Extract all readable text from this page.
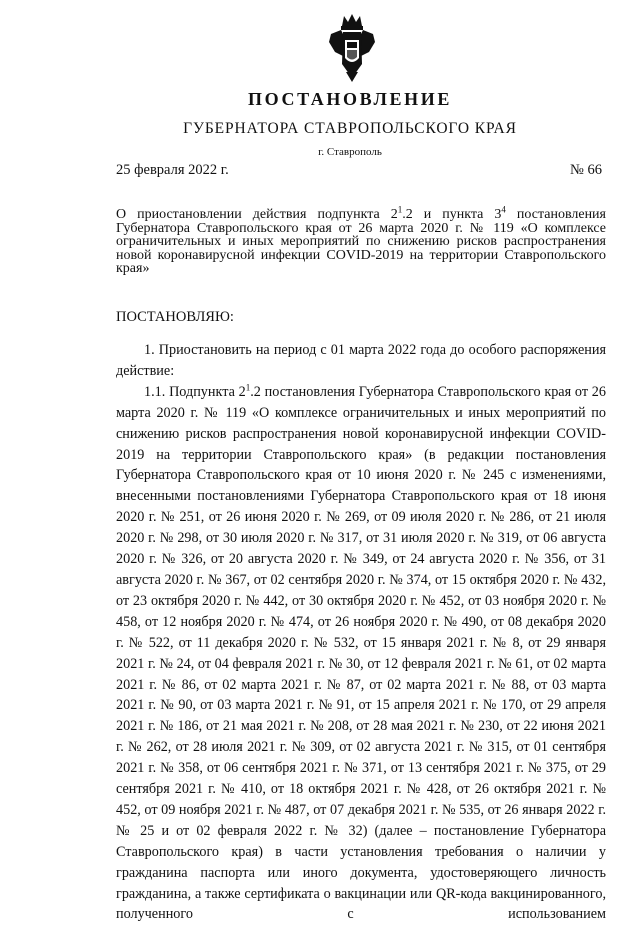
ПОСТАНОВЛЕНИЕ
ГУБЕРНАТОРА СТАВРОПОЛЬСКОГО КРАЯ
г. Ставрополь
25 февраля 2022 г.	№ 66
О приостановлении действия подпункта $2^1.2$ и пункта $3^4$ постановления Губернатора Ставропольского края от 26 марта 2020 г. № 119 «О комплексе ограничительных и иных мероприятий по снижению рисков распространения новой коронавирусной инфекции COVID-2019 на территории Ставропольского края»
ПОСТАНОВЛЯЮ:

1. Приостановить на период с 01 марта 2022 года до особого распоряжения действие:

1.1. Подпункта $2^1.2$ постановления Губернатора Ставропольского края от 26 марта 2020 г. № 119 «О комплексе ограничительных и иных мероприятий по снижению рисков распространения новой коронавирусной инфекции COVID-2019 на территории Ставропольского края» (в редакции постановления Губернатора Ставропольского края от 10 июня 2020 г. № 245 с изменениями, внесенными постановлениями Губернатора Ставропольского края от 18 июня 2020 г. № 251, от 26 июня 2020 г. № 269, от 09 июля 2020 г. № 286, от 21 июля 2020 г. № 298, от 30 июля 2020 г. № 317, от 31 июля 2020 г. № 319, от 06 августа 2020 г. № 326, от 20 августа 2020 г. № 349, от 24 августа 2020 г. № 356, от 31 августа 2020 г. № 367, от 02 сентября 2020 г. № 374, от 15 октября 2020 г. № 432, от 23 октября 2020 г. № 442, от 30 октября 2020 г. № 452, от 03 ноября 2020 г. № 458, от 12 ноября 2020 г. № 474, от 26 ноября 2020 г. № 490, от 08 декабря 2020 г. № 522, от 11 декабря 2020 г. № 532, от 15 января 2021 г. № 8, от 29 января 2021 г. № 24, от 04 февраля 2021 г. № 30, от 12 февраля 2021 г. № 61, от 02 марта 2021 г. № 86, от 02 марта 2021 г. № 87, от 02 марта 2021 г. № 88, от 03 марта 2021 г. № 90, от 03 марта 2021 г. № 91, от 15 апреля 2021 г. № 170, от 29 апреля 2021 г. № 186, от 21 мая 2021 г. № 208, от 28 мая 2021 г. № 230, от 22 июня 2021 г. № 262, от 28 июля 2021 г. № 309, от 02 августа 2021 г. № 315, от 01 сентября 2021 г. № 358, от 06 сентября 2021 г. № 371, от 13 сентября 2021 г. № 375, от 29 сентября 2021 г. № 410, от 18 октября 2021 г. № 428, от 26 октября 2021 г. № 452, от 09 ноября 2021 г. № 487, от 07 декабря 2021 г. № 535, от 26 января 2022 г. № 25 и от 02 февраля 2022 г. № 32) (далее – постановление Губернатора Ставропольского края) в части установления требования о наличии у гражданина паспорта или иного документа, удостоверяющего личность гражданина, а также сертификата о вакцинации или QR-кода вакцинированного, полученного с использованием
